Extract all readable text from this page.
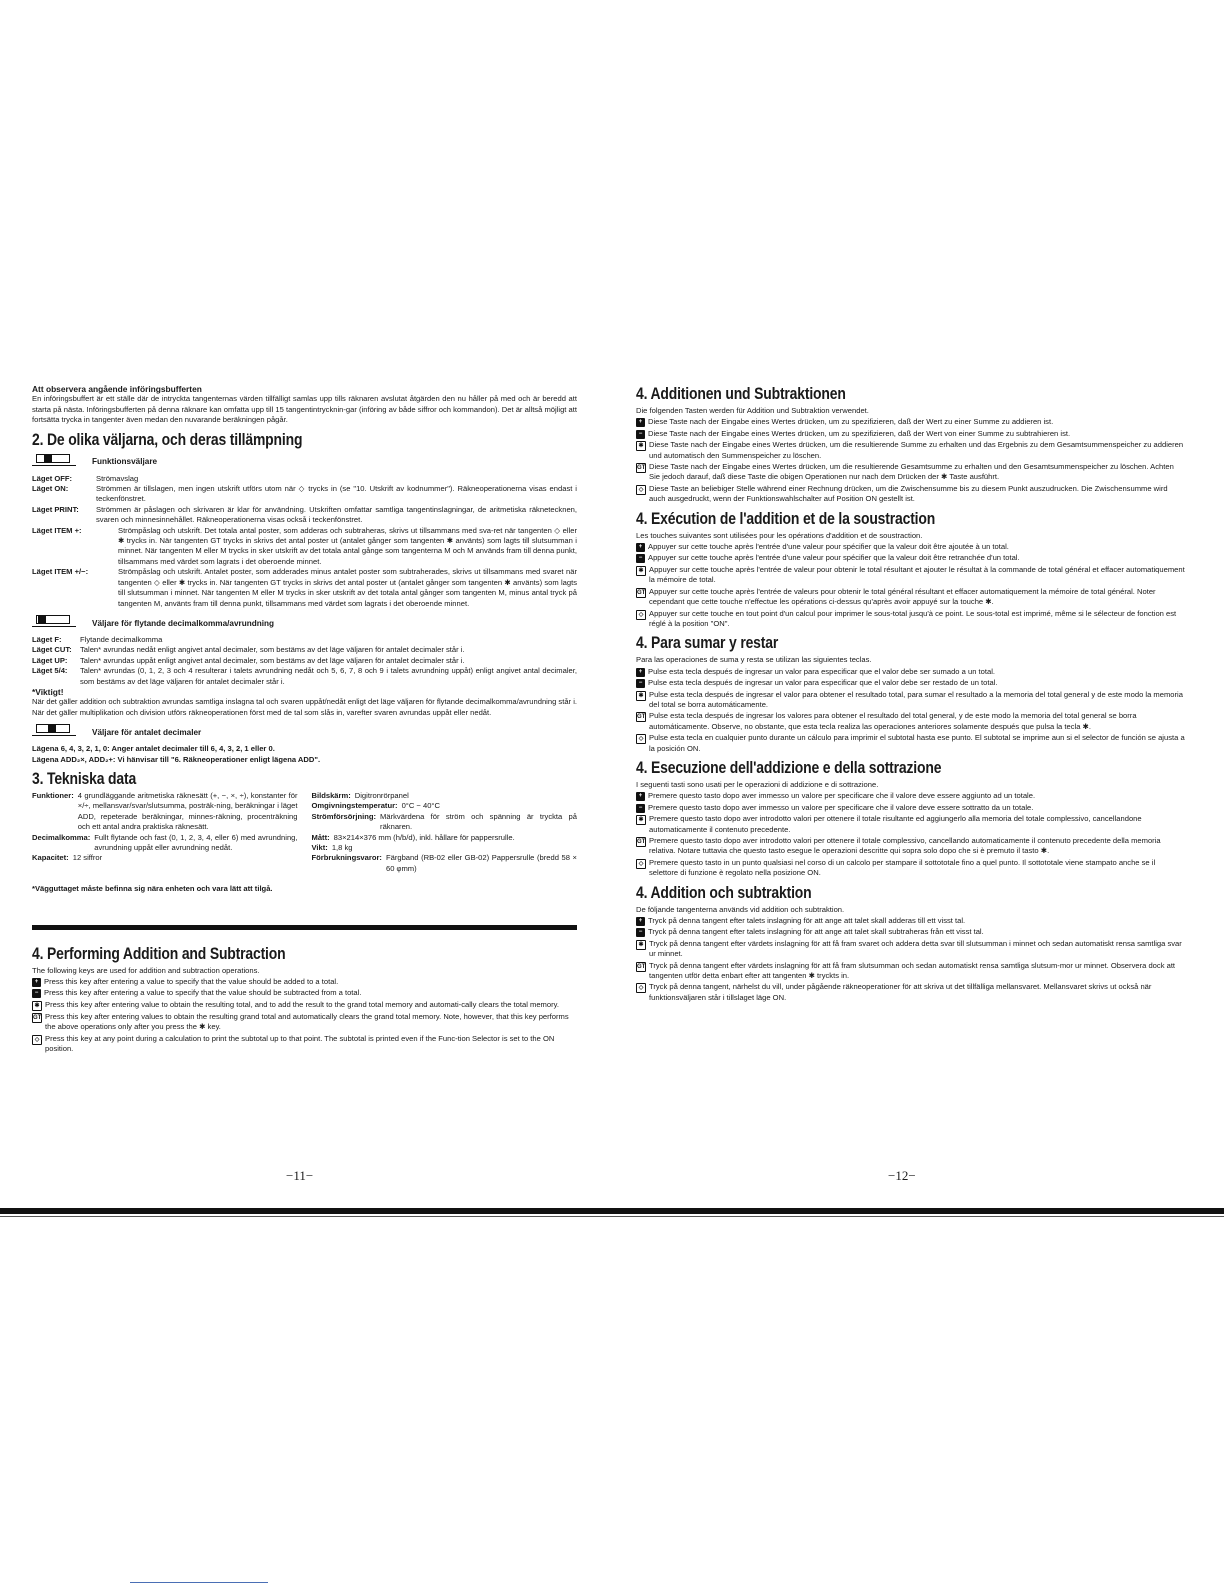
Att observera angående införingsbufferten

En införingsbuffert är ett ställe där de intryckta tangenternas värden tillfälligt samlas upp tills räknaren avslutat åtgärden den nu håller på med och är beredd att starta på nästa. Införingsbufferten på denna räknare kan omfatta upp till 15 tangentintrycknin-gar (införing av både siffror och kommandon). Det är alltså möjligt att fortsätta trycka in tangenter även medan den nuvarande beräkningen pågår.

2. De olika väljarna, och deras tillämpning
Funktionsväljare
Läget OFF:	Strömavslag
Läget ON:	Strömmen är tillslagen, men ingen utskrift utförs utom när ◇ trycks in (se "10. Utskrift av kodnummer"). Räkneoperationerna visas endast i teckenfönstret.
Läget PRINT:	Strömmen är påslagen och skrivaren är klar för användning. Utskriften omfattar samtliga tangentinslagningar, de aritmetiska räknetecknen, svaren och minnesinnehållet. Räkneoperationerna visas också i teckenfönstret.
Läget ITEM +:	Strömpåslag och utskrift. Det totala antal poster, som adderas och subtraheras, skrivs ut tillsammans med sva-ret när tangenten ◇ eller ✱ trycks in. När tangenten GT trycks in skrivs det antal poster ut (antalet gånger som tangenten ✱ använts) som lagts till slutsumman i minnet. När tangenten M eller M trycks in sker utskrift av det totala antal gånge som tangenterna M och M används fram till denna punkt, tillsammans med värdet som lagrats i det oberoende minnet.
Läget ITEM +/−:	Strömpåslag och utskrift. Antalet poster, som adderades minus antalet poster som subtraherades, skrivs ut tillsammans med svaret när tangenten ◇ eller ✱ trycks in. När tangenten GT trycks in skrivs det antal poster ut (antalet gånger som tangenten ✱ använts) som lagts till slutsumman i minnet. När tangenten M eller M trycks in sker utskrift av det totala antal gånger som tangenten M, minus antal tryck på tangenten M, använts fram till denna punkt, tillsammans med värdet som lagrats i det oberoende minnet.
Väljare för flytande decimalkomma/avrundning
Läget F:	Flytande decimalkomma
Läget CUT:	Talen* avrundas nedåt enligt angivet antal decimaler, som bestäms av det läge väljaren för antalet decimaler står i.
Läget UP:	Talen* avrundas uppåt enligt angivet antal decimaler, som bestäms av det läge väljaren för antalet decimaler står i.
Läget 5/4:	Talen* avrundas (0, 1, 2, 3 och 4 resulterar i talets avrundning nedåt och 5, 6, 7, 8 och 9 i talets avrundning uppåt) enligt angivet antal decimaler, som bestäms av det läge väljaren för antalet decimaler står i.

*Viktigt!

När det gäller addition och subtraktion avrundas samtliga inslagna tal och svaren uppåt/nedåt enligt det läge väljaren för flytande decimalkomma/avrundning står i. När det gäller multiplikation och division utförs räkneoperationen först med de tal som slås in, varefter svaren avrundas uppåt eller nedåt.

Väljare för antalet decimaler

Lägena 6, 4, 3, 2, 1, 0: Anger antalet decimaler till 6, 4, 3, 2, 1 eller 0.

Lägena ADD₂×, ADD₂+: Vi hänvisar till "6. Räkneoperationer enligt lägena ADD".

3. Tekniska data
Funktioner: 4 grundläggande aritmetiska räknesätt (+, −, ×, ÷), konstanter för ×/÷, mellansvar/svar/slutsumma, posträk-ning, beräkningar i läget ADD, repeterade beräkningar, minnes-räkning, procenträkning och ett antal andra praktiska räknesätt.
Decimalkomma: Fullt flytande och fast (0, 1, 2, 3, 4, eller 6) med avrundning, avrundning uppåt eller avrundning nedåt.
Kapacitet: 12 siffror
Bildskärm: Digitronrörpanel
Omgivningstemperatur: 0°C − 40°C
Strömförsörjning: Märkvärdena för ström och spänning är tryckta på räknaren.
Mått: 83×214×376 mm (h/b/d), inkl. hållare för pappersrulle.
Vikt: 1,8 kg
Förbrukningsvaror: Färgband (RB-02 eller GB-02) Pappersrulle (bredd 58 × 60 φmm)

*Vägguttaget måste befinna sig nära enheten och vara lätt att tilgå.

4. Performing Addition and Subtraction

The following keys are used for addition and subtraction operations.

+ Press this key after entering a value to specify that the value should be added to a total.
− Press this key after entering a value to specify that the value should be subtracted from a total.
✱ Press this key after entering value to obtain the resulting total, and to add the result to the grand total memory and automati-cally clears the total memory.
GT Press this key after entering values to obtain the resulting grand total and automatically clears the grand total memory. Note, however, that this key performs the above operations only after you press the ✱ key.
◇ Press this key at any point during a calculation to print the subtotal up to that point. The subtotal is printed even if the Func-tion Selector is set to the ON position.
4. Additionen und Subtraktionen

Die folgenden Tasten werden für Addition und Subtraktion verwendet.

+ Diese Taste nach der Eingabe eines Wertes drücken, um zu spezifizieren, daß der Wert zu einer Summe zu addieren ist.
− Diese Taste nach der Eingabe eines Wertes drücken, um zu spezifizieren, daß der Wert von einer Summe zu subtrahieren ist.
✱ Diese Taste nach der Eingabe eines Wertes drücken, um die resultierende Summe zu erhalten und das Ergebnis zu dem Gesamtsummenspeicher zu addieren und automatisch den Summenspeicher zu löschen.
GT Diese Taste nach der Eingabe eines Wertes drücken, um die resultierende Gesamtsumme zu erhalten und den Gesamtsummenspeicher zu löschen. Achten Sie jedoch darauf, daß diese Taste die obigen Operationen nur nach dem Drücken der ✱ Taste ausführt.
◇ Diese Taste an beliebiger Stelle während einer Rechnung drücken, um die Zwischensumme bis zu diesem Punkt auszudrucken. Die Zwischensumme wird auch ausgedruckt, wenn der Funktionswahlschalter auf Position ON gestellt ist.
4. Exécution de l'addition et de la soustraction

Les touches suivantes sont utilisées pour les opérations d'addition et de soustraction.

+ Appuyer sur cette touche après l'entrée d'une valeur pour spécifier que la valeur doit être ajoutée à un total.
− Appuyer sur cette touche après l'entrée d'une valeur pour spécifier que la valeur doit être retranchée d'un total.
✱ Appuyer sur cette touche après l'entrée de valeur pour obtenir le total résultant et ajouter le résultat à la commande de total général et effacer automatiquement la mémoire de total.
GT Appuyer sur cette touche après l'entrée de valeurs pour obtenir le total général résultant et effacer automatiquement la mémoire de total général. Noter cependant que cette touche n'effectue les opérations ci-dessus qu'après avoir appuyé sur la touche ✱.
◇ Appuyer sur cette touche en tout point d'un calcul pour imprimer le sous-total jusqu'à ce point. Le sous-total est imprimé, même si le sélecteur de fonction est réglé à la position "ON".
4. Para sumar y restar

Para las operaciones de suma y resta se utilizan las siguientes teclas.

+ Pulse esta tecla después de ingresar un valor para especificar que el valor debe ser sumado a un total.
− Pulse esta tecla después de ingresar un valor para especificar que el valor debe ser restado de un total.
✱ Pulse esta tecla después de ingresar el valor para obtener el resultado total, para sumar el resultado a la memoria del total general y de este modo la memoria del total se borra automáticamente.
GT Pulse esta tecla después de ingresar los valores para obtener el resultado del total general, y de este modo la memoria del total general se borra automáticamente. Observe, no obstante, que esta tecla realiza las operaciones anteriores solamente después que pulsa la tecla ✱.
◇ Pulse esta tecla en cualquier punto durante un cálculo para imprimir el subtotal hasta ese punto. El subtotal se imprime aun si el selector de función se ajusta a la posición ON.
4. Esecuzione dell'addizione e della sottrazione

I seguenti tasti sono usati per le operazioni di addizione e di sottrazione.

+ Premere questo tasto dopo aver immesso un valore per specificare che il valore deve essere aggiunto ad un totale.
− Premere questo tasto dopo aver immesso un valore per specificare che il valore deve essere sottratto da un totale.
✱ Premere questo tasto dopo aver introdotto valori per ottenere il totale risultante ed aggiungerlo alla memoria del totale complessivo, cancellandone automaticamente il contenuto precedente.
GT Premere questo tasto dopo aver introdotto valori per ottenere il totale complessivo, cancellando automaticamente il contenuto precedente della memoria relativa. Notare tuttavia che questo tasto esegue le operazioni descritte qui sopra solo dopo che si è premuto il tasto ✱.
◇ Premere questo tasto in un punto qualsiasi nel corso di un calcolo per stampare il sottototale fino a quel punto. Il sottototale viene stampato anche se il selettore di funzione è regolato nella posizione ON.
4. Addition och subtraktion

De följande tangenterna används vid addition och subtraktion.

+ Tryck på denna tangent efter talets inslagning för att ange att talet skall adderas till ett visst tal.
− Tryck på denna tangent efter talets inslagning för att ange att talet skall subtraheras från ett visst tal.
✱ Tryck på denna tangent efter värdets inslagning för att få fram svaret och addera detta svar till slutsumman i minnet och sedan automatiskt rensa samtliga svar ur minnet.
GT Tryck på denna tangent efter värdets inslagning för att få fram slutsumman och sedan automatiskt rensa samtliga slutsum-mor ur minnet. Observera dock att tangenten utför detta enbart efter att tangenten ✱ tryckts in.
◇ Tryck på denna tangent, närhelst du vill, under pågående räkneoperationer för att skriva ut det tillfälliga mellansvaret. Mellansvaret skrivs ut också när funktionsväljaren står i tillslaget läge ON.
−11−	−12−
